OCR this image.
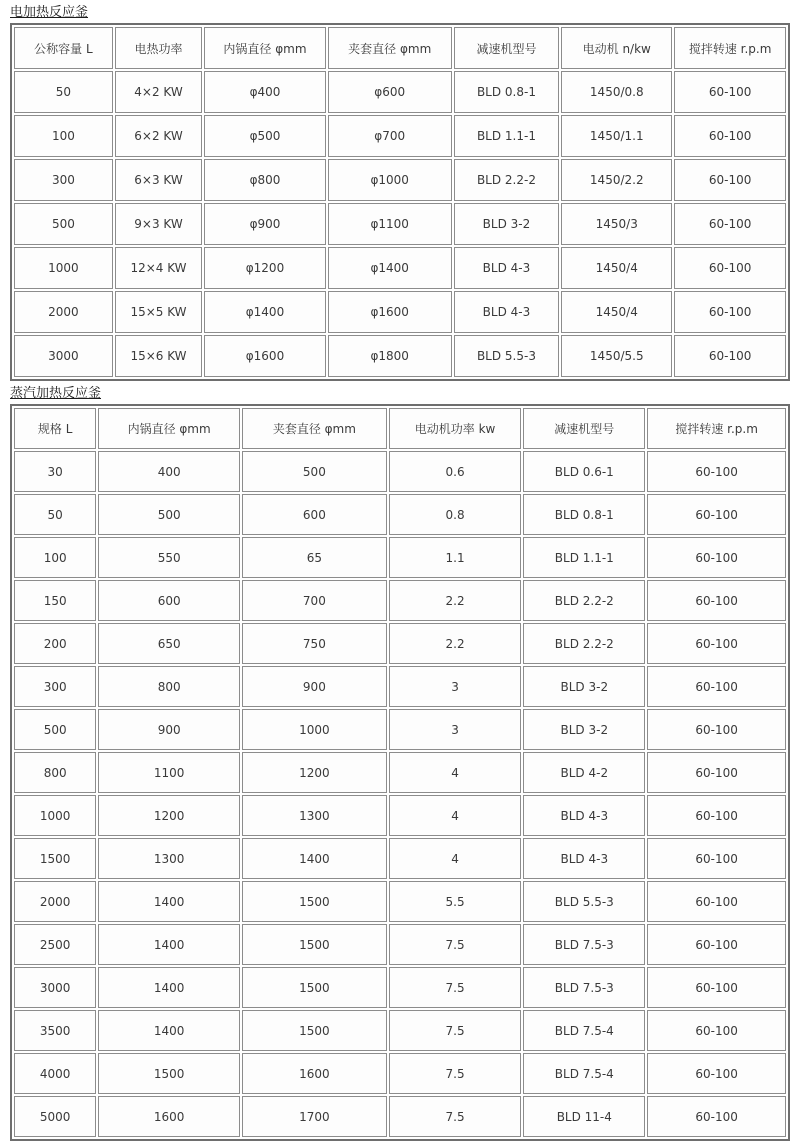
电加热反应釜
公称容量 L	电热功率	内锅直径 φmm	夹套直径 φmm	减速机型号	电动机 n/kw	搅拌转速 r.p.m
50	4×2 KW	φ400	φ600	BLD 0.8-1	1450/0.8	60-100
100	6×2 KW	φ500	φ700	BLD 1.1-1	1450/1.1	60-100
300	6×3 KW	φ800	φ1000	BLD 2.2-2	1450/2.2	60-100
500	9×3 KW	φ900	φ1100	BLD 3-2	1450/3	60-100
1000	12×4 KW	φ1200	φ1400	BLD 4-3	1450/4	60-100
2000	15×5 KW	φ1400	φ1600	BLD 4-3	1450/4	60-100
3000	15×6 KW	φ1600	φ1800	BLD 5.5-3	1450/5.5	60-100
蒸汽加热反应釜
规格 L	内锅直径 φmm	夹套直径 φmm	电动机功率 kw	减速机型号	搅拌转速 r.p.m
30	400	500	0.6	BLD 0.6-1	60-100
50	500	600	0.8	BLD 0.8-1	60-100
100	550	65	1.1	BLD 1.1-1	60-100
150	600	700	2.2	BLD 2.2-2	60-100
200	650	750	2.2	BLD 2.2-2	60-100
300	800	900	3	BLD 3-2	60-100
500	900	1000	3	BLD 3-2	60-100
800	1100	1200	4	BLD 4-2	60-100
1000	1200	1300	4	BLD 4-3	60-100
1500	1300	1400	4	BLD 4-3	60-100
2000	1400	1500	5.5	BLD 5.5-3	60-100
2500	1400	1500	7.5	BLD 7.5-3	60-100
3000	1400	1500	7.5	BLD 7.5-3	60-100
3500	1400	1500	7.5	BLD 7.5-4	60-100
4000	1500	1600	7.5	BLD 7.5-4	60-100
5000	1600	1700	7.5	BLD 11-4	60-100
